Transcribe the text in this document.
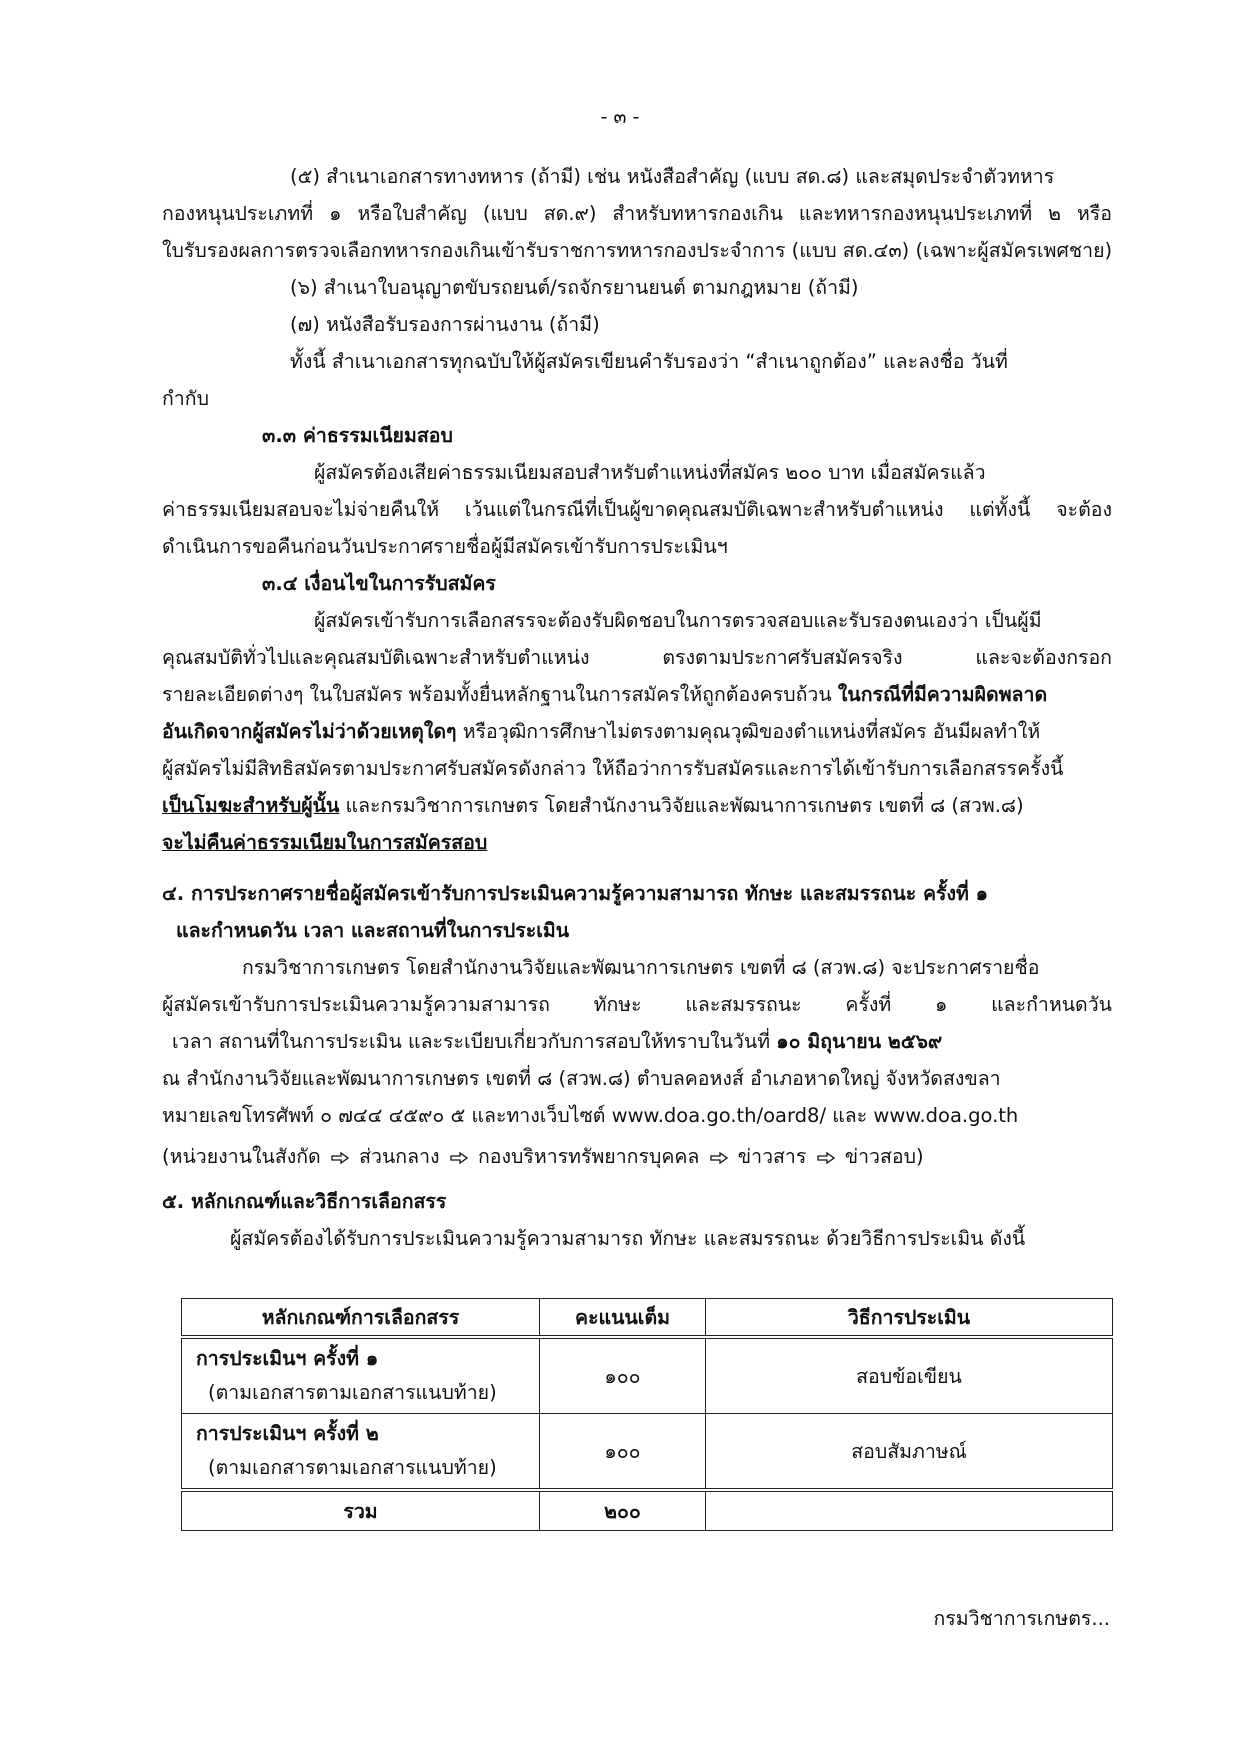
- ๓ -
(๕) สำเนาเอกสารทางทหาร (ถ้ามี) เช่น หนังสือสำคัญ (แบบ สด.๘) และสมุดประจำตัวทหาร
กองหนุนประเภทที่ ๑ หรือใบสำคัญ (แบบ สด.๙) สำหรับทหารกองเกิน และทหารกองหนุนประเภทที่ ๒ หรือ
ใบรับรองผลการตรวจเลือกทหารกองเกินเข้ารับราชการทหารกองประจำการ (แบบ สด.๔๓) (เฉพาะผู้สมัครเพศชาย)
(๖) สำเนาใบอนุญาตขับรถยนต์/รถจักรยานยนต์ ตามกฎหมาย (ถ้ามี)
(๗) หนังสือรับรองการผ่านงาน (ถ้ามี)
ทั้งนี้ สำเนาเอกสารทุกฉบับให้ผู้สมัครเขียนคำรับรองว่า “สำเนาถูกต้อง” และลงชื่อ วันที่
กำกับ
๓.๓ ค่าธรรมเนียมสอบ
ผู้สมัครต้องเสียค่าธรรมเนียมสอบสำหรับตำแหน่งที่สมัคร ๒๐๐ บาท เมื่อสมัครแล้ว
ค่าธรรมเนียมสอบจะไม่จ่ายคืนให้ เว้นแต่ในกรณีที่เป็นผู้ขาดคุณสมบัติเฉพาะสำหรับตำแหน่ง แต่ทั้งนี้ จะต้อง
ดำเนินการขอคืนก่อนวันประกาศรายชื่อผู้มีสมัครเข้ารับการประเมินฯ
๓.๔ เงื่อนไขในการรับสมัคร
ผู้สมัครเข้ารับการเลือกสรรจะต้องรับผิดชอบในการตรวจสอบและรับรองตนเองว่า เป็นผู้มี
คุณสมบัติทั่วไปและคุณสมบัติเฉพาะสำหรับตำแหน่ง ตรงตามประกาศรับสมัครจริง และจะต้องกรอก
รายละเอียดต่างๆ ในใบสมัคร พร้อมทั้งยื่นหลักฐานในการสมัครให้ถูกต้องครบถ้วน ในกรณีที่มีความผิดพลาด
อันเกิดจากผู้สมัครไม่ว่าด้วยเหตุใดๆ หรือวุฒิการศึกษาไม่ตรงตามคุณวุฒิของตำแหน่งที่สมัคร อันมีผลทำให้
ผู้สมัครไม่มีสิทธิสมัครตามประกาศรับสมัครดังกล่าว ให้ถือว่าการรับสมัครและการได้เข้ารับการเลือกสรรครั้งนี้
เป็นโมฆะสำหรับผู้นั้น และกรมวิชาการเกษตร โดยสำนักงานวิจัยและพัฒนาการเกษตร เขตที่ ๘ (สวพ.๘)
จะไม่คืนค่าธรรมเนียมในการสมัครสอบ
๔. การประกาศรายชื่อผู้สมัครเข้ารับการประเมินความรู้ความสามารถ ทักษะ และสมรรถนะ ครั้งที่ ๑
และกำหนดวัน เวลา และสถานที่ในการประเมิน
กรมวิชาการเกษตร โดยสำนักงานวิจัยและพัฒนาการเกษตร เขตที่ ๘ (สวพ.๘) จะประกาศรายชื่อ
ผู้สมัครเข้ารับการประเมินความรู้ความสามารถ ทักษะ และสมรรถนะ ครั้งที่ ๑ และกำหนดวัน
เวลา สถานที่ในการประเมิน และระเบียบเกี่ยวกับการสอบให้ทราบในวันที่ ๑๐ มิถุนายน ๒๕๖๙
ณ สำนักงานวิจัยและพัฒนาการเกษตร เขตที่ ๘ (สวพ.๘) ตำบลคอหงส์ อำเภอหาดใหญ่ จังหวัดสงขลา
หมายเลขโทรศัพท์ ๐ ๗๔๔ ๔๕๙๐ ๕ และทางเว็บไซต์ www.doa.go.th/oard8/ และ www.doa.go.th
(หน่วยงานในสังกัด ส่วนกลาง กองบริหารทรัพยากรบุคคล ข่าวสาร ข่าวสอบ)
๕. หลักเกณฑ์และวิธีการเลือกสรร
ผู้สมัครต้องได้รับการประเมินความรู้ความสามารถ ทักษะ และสมรรถนะ ด้วยวิธีการประเมิน ดังนี้
หลักเกณฑ์การเลือกสรร	คะแนนเต็ม	วิธีการประเมิน

การประเมินฯ ครั้งที่ ๑
(ตามเอกสารตามเอกสารแนบท้าย)	๑๐๐	สอบข้อเขียน

การประเมินฯ ครั้งที่ ๒
(ตามเอกสารตามเอกสารแนบท้าย)	๑๐๐	สอบสัมภาษณ์
รวม	๒๐๐	
กรมวิชาการเกษตร...
